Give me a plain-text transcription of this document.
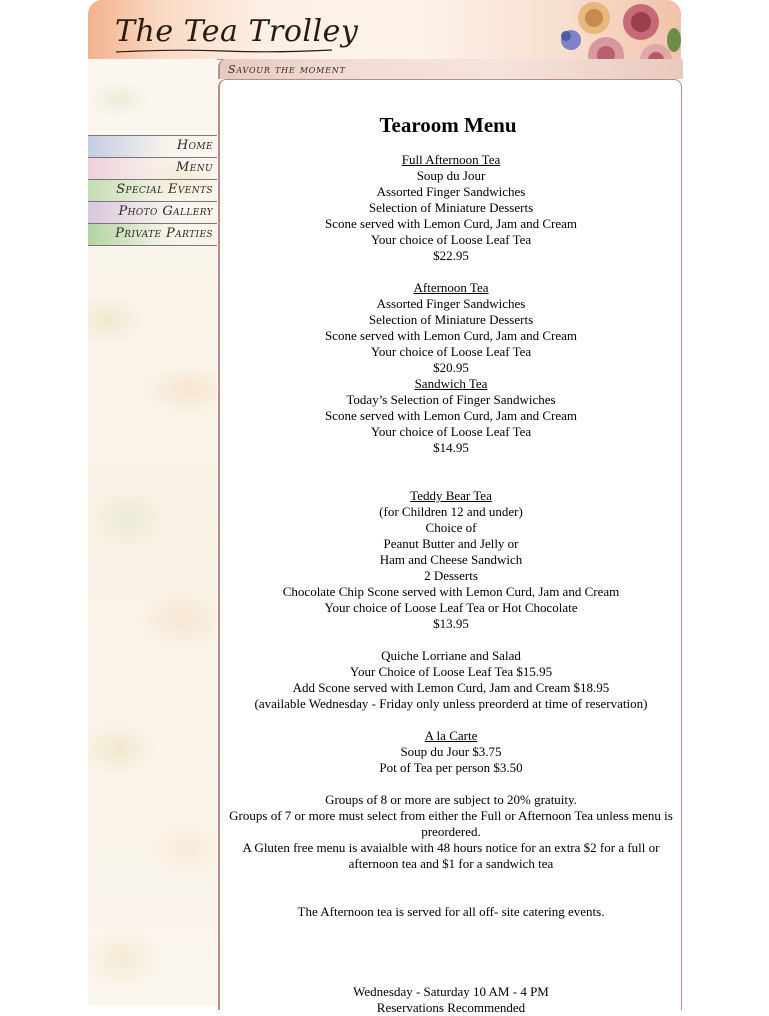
The Tea Trolley
Savour the moment
Home
Menu
Special Events
Photo Gallery
Private Parties
Tearoom Menu
Full Afternoon Tea
Soup du Jour
Assorted Finger Sandwiches
Selection of Miniature Desserts
Scone served with Lemon Curd, Jam and Cream
Your choice of Loose Leaf Tea
$22.95
Afternoon Tea
Assorted Finger Sandwiches
Selection of Miniature Desserts
Scone served with Lemon Curd, Jam and Cream
Your choice of Loose Leaf Tea
$20.95
Sandwich Tea
Today’s Selection of Finger Sandwiches
Scone served with Lemon Curd, Jam and Cream
Your choice of Loose Leaf Tea
$14.95
Teddy Bear Tea
(for Children 12 and under)
Choice of
Peanut Butter and Jelly or
Ham and Cheese Sandwich
2 Desserts
Chocolate Chip Scone served with Lemon Curd, Jam and Cream
Your choice of Loose Leaf Tea or Hot Chocolate
$13.95
Quiche Lorriane and Salad
Your Choice of Loose Leaf Tea $15.95
Add Scone served with Lemon Curd, Jam and Cream $18.95
(available Wednesday - Friday only unless preorderd at time of reservation)
A la Carte
Soup du Jour $3.75
Pot of Tea per person $3.50
Groups of 8 or more are subject to 20% gratuity.
Groups of 7 or more must select from either the Full or Afternoon Tea unless menu is preordered.
A Gluten free menu is avaialble with 48 hours notice for an extra $2 for a full or afternoon tea and $1 for a sandwich tea
The Afternoon tea is served for all off- site catering events.
Wednesday - Saturday 10 AM - 4 PM
Reservations Recommended
